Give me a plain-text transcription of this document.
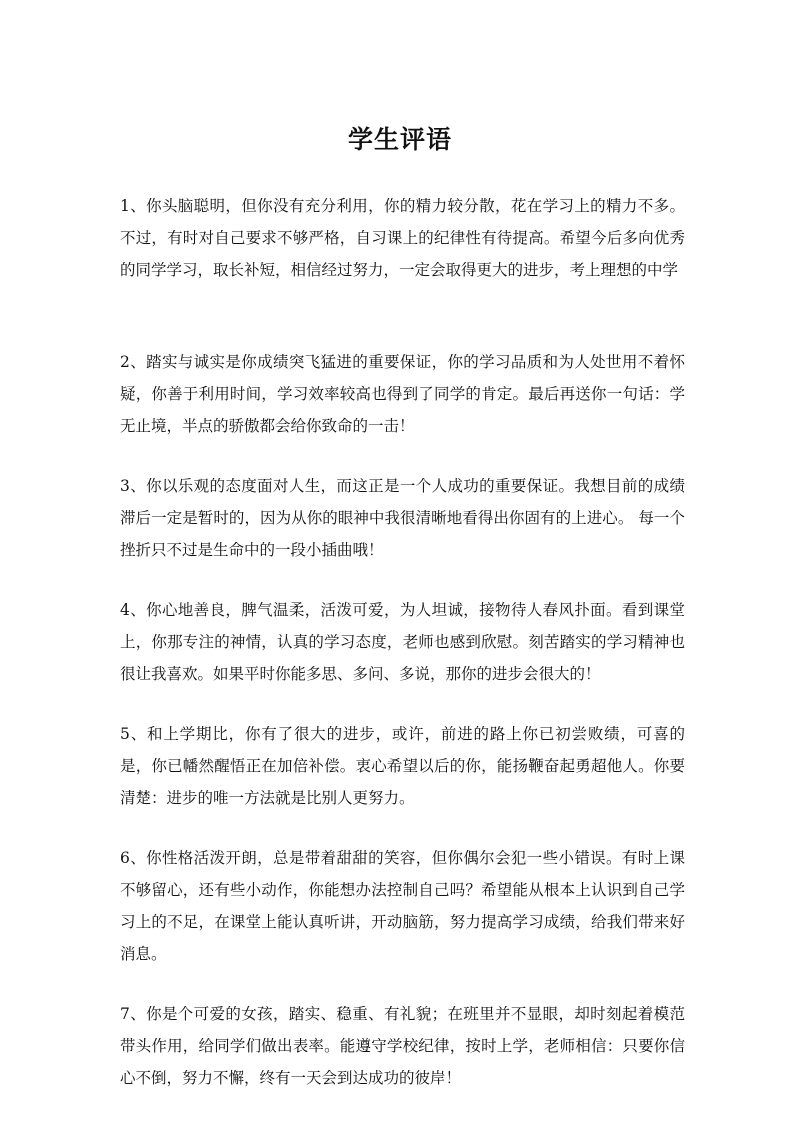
学生评语

1、你头脑聪明，但你没有充分利用，你的精力较分散，花在学习上的精力不多。不过，有时对自己要求不够严格，自习课上的纪律性有待提高。希望今后多向优秀的同学学习，取长补短，相信经过努力，一定会取得更大的进步，考上理想的中学

2、踏实与诚实是你成绩突飞猛进的重要保证，你的学习品质和为人处世用不着怀疑，你善于利用时间，学习效率较高也得到了同学的肯定。最后再送你一句话：学无止境，半点的骄傲都会给你致命的一击！

3、你以乐观的态度面对人生，而这正是一个人成功的重要保证。我想目前的成绩滞后一定是暂时的，因为从你的眼神中我很清晰地看得出你固有的上进心。 每一个挫折只不过是生命中的一段小插曲哦！

4、你心地善良，脾气温柔，活泼可爱，为人坦诚，接物待人春风扑面。看到课堂上，你那专注的神情，认真的学习态度，老师也感到欣慰。刻苦踏实的学习精神也很让我喜欢。如果平时你能多思、多问、多说，那你的进步会很大的！

5、和上学期比，你有了很大的进步，或许，前进的路上你已初尝败绩，可喜的是，你已幡然醒悟正在加倍补偿。衷心希望以后的你，能扬鞭奋起勇超他人。你要清楚：进步的唯一方法就是比别人更努力。

6、你性格活泼开朗，总是带着甜甜的笑容，但你偶尔会犯一些小错误。有时上课不够留心，还有些小动作，你能想办法控制自己吗？希望能从根本上认识到自己学习上的不足，在课堂上能认真听讲，开动脑筋，努力提高学习成绩，给我们带来好消息。

7、你是个可爱的女孩，踏实、稳重、有礼貌；在班里并不显眼，却时刻起着模范带头作用，给同学们做出表率。能遵守学校纪律，按时上学，老师相信：只要你信心不倒，努力不懈，终有一天会到达成功的彼岸！
